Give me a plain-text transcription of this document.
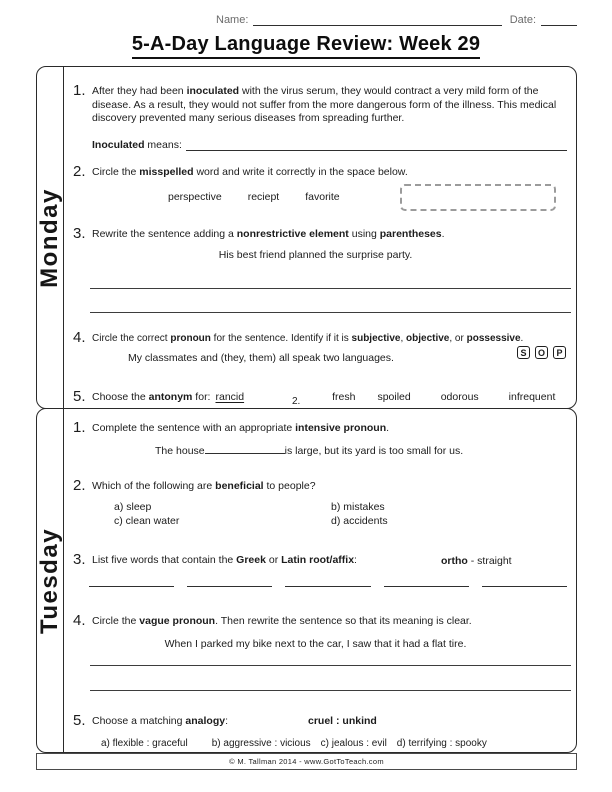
Name:	Date:
5-A-Day Language Review: Week 29
Monday
1. After they had been inoculated with the virus serum, they would contract a very mild form of the disease. As a result, they would not suffer from the more dangerous form of the illness. This medical discovery prevented many serious diseases from spreading further.
Inoculated means:
2. Circle the misspelled word and write it correctly in the space below.
perspective reciept favorite
3. Rewrite the sentence adding a nonrestrictive element using parentheses.
His best friend planned the surprise party.
4. Circle the correct pronoun for the sentence. Identify if it is subjective, objective, or possessive.
My classmates and (they, them) all speak two languages.	S	O	P
5. Choose the antonym for: rancid	fresh spoiled	odorous	infrequent
2.
Tuesday
1. Complete the sentence with an appropriate intensive pronoun.
The house	is large, but its yard is too small for us.
2. Which of the following are beneficial to people?
a) sleep	b) mistakes
c) clean water	d) accidents
3. List five words that contain the Greek or Latin root/affix:	ortho - straight
4. Circle the vague pronoun. Then rewrite the sentence so that its meaning is clear.
When I parked my bike next to the car, I saw that it had a flat tire.
5. Choose a matching analogy:	cruel : unkind
a) flexible : graceful b) aggressive : vicious c) jealous : evil d) terrifying : spooky
© M. Tallman 2014 - www.GotToTeach.com
